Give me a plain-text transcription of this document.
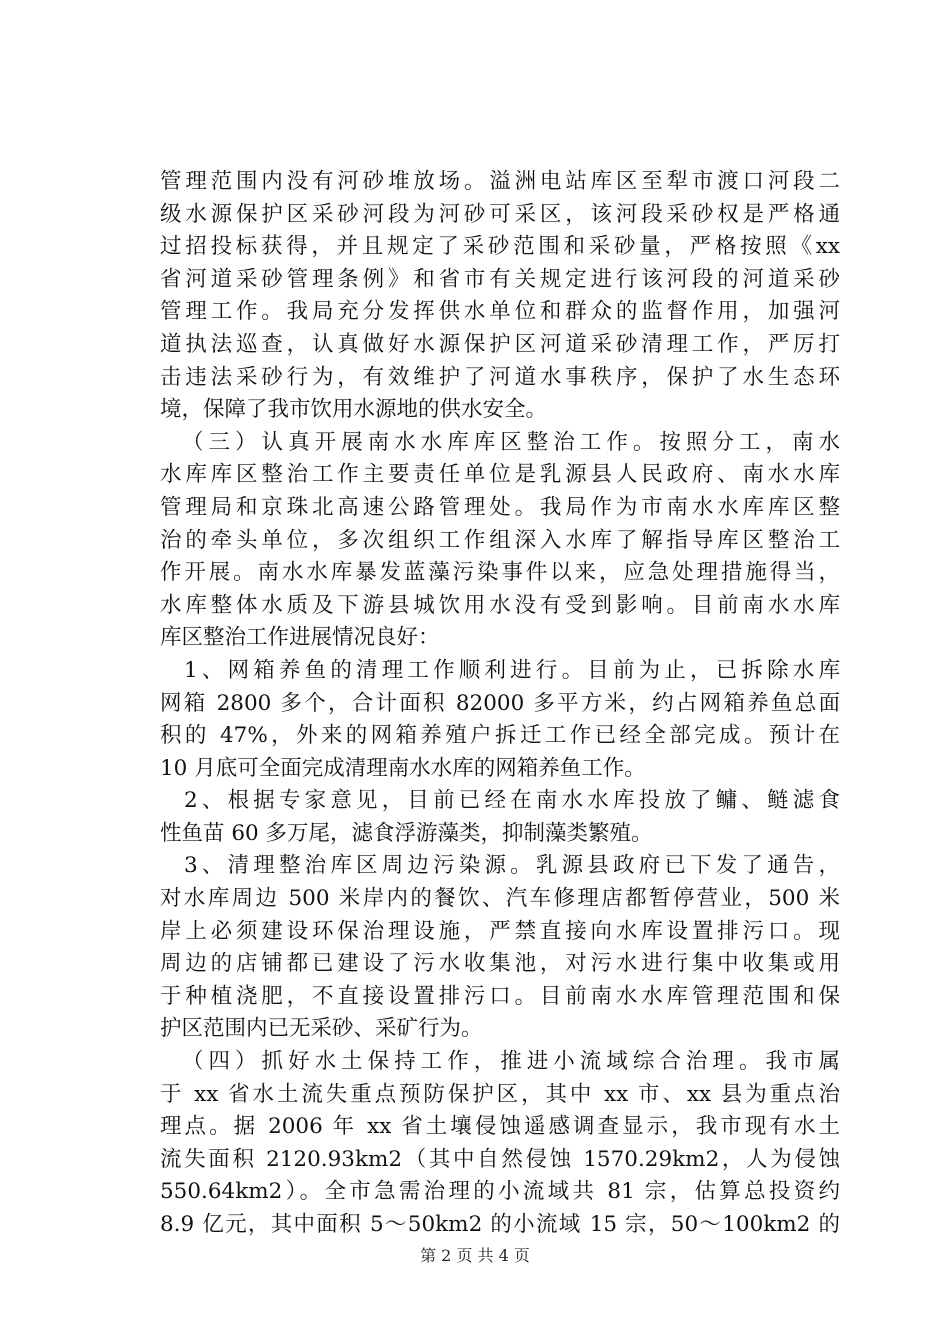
管理范围内没有河砂堆放场。溢洲电站库区至犁市渡口河段二
级水源保护区采砂河段为河砂可采区，该河段采砂权是严格通
过招投标获得，并且规定了采砂范围和采砂量，严格按照《xx
省河道采砂管理条例》和省市有关规定进行该河段的河道采砂
管理工作。我局充分发挥供水单位和群众的监督作用，加强河
道执法巡查，认真做好水源保护区河道采砂清理工作，严厉打
击违法采砂行为，有效维护了河道水事秩序，保护了水生态环
境，保障了我市饮用水源地的供水安全。
（三）认真开展南水水库库区整治工作。按照分工，南水
水库库区整治工作主要责任单位是乳源县人民政府、南水水库
管理局和京珠北高速公路管理处。我局作为市南水水库库区整
治的牵头单位，多次组织工作组深入水库了解指导库区整治工
作开展。南水水库暴发蓝藻污染事件以来，应急处理措施得当，
水库整体水质及下游县城饮用水没有受到影响。目前南水水库
库区整治工作进展情况良好：
1、网箱养鱼的清理工作顺利进行。目前为止，已拆除水库
网箱 2800 多个，合计面积 82000 多平方米，约占网箱养鱼总面
积的 47%，外来的网箱养殖户拆迁工作已经全部完成。预计在
10 月底可全面完成清理南水水库的网箱养鱼工作。
2、根据专家意见，目前已经在南水水库投放了鳙、鲢滤食
性鱼苗 60 多万尾，滤食浮游藻类，抑制藻类繁殖。
3、清理整治库区周边污染源。乳源县政府已下发了通告，
对水库周边 500 米岸内的餐饮、汽车修理店都暂停营业，500 米
岸上必须建设环保治理设施，严禁直接向水库设置排污口。现
周边的店铺都已建设了污水收集池，对污水进行集中收集或用
于种植浇肥，不直接设置排污口。目前南水水库管理范围和保
护区范围内已无采砂、采矿行为。
（四）抓好水土保持工作，推进小流域综合治理。我市属
于 xx 省水土流失重点预防保护区，其中 xx 市、xx 县为重点治
理点。据 2006 年 xx 省土壤侵蚀遥感调查显示，我市现有水土
流失面积 2120.93km2（其中自然侵蚀 1570.29km2，人为侵蚀
550.64km2）。全市急需治理的小流域共 81 宗，估算总投资约
8.9 亿元，其中面积 5～50km2 的小流域 15 宗，50～100km2 的
第 2 页 共 4 页
